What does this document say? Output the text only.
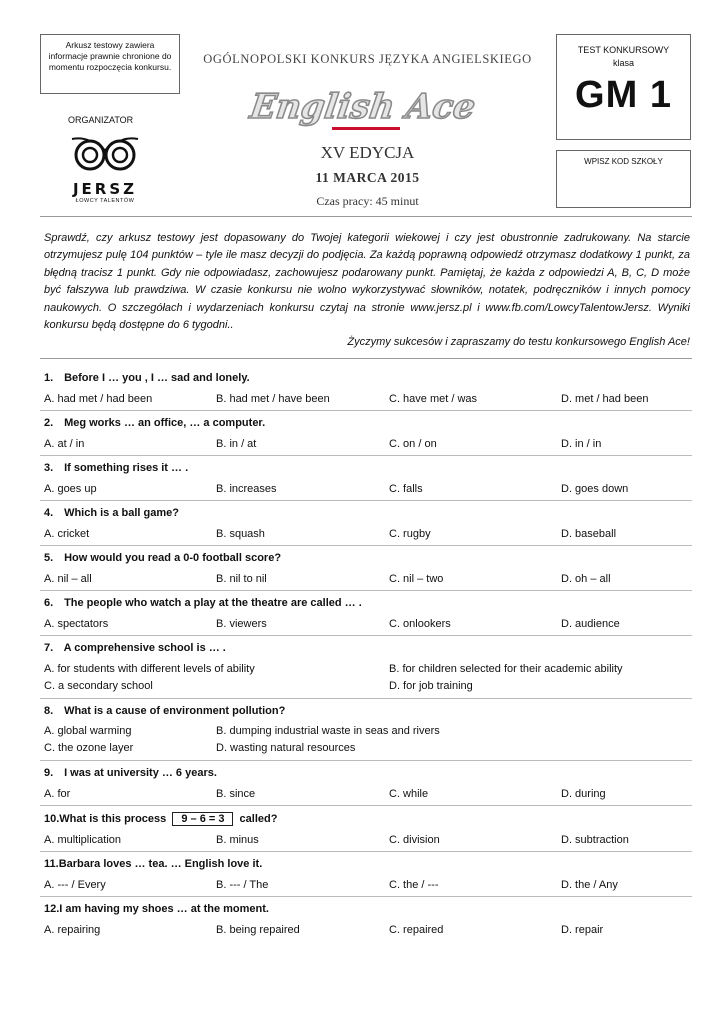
Arkusz testowy zawiera informacje prawnie chronione do momentu rozpoczęcia konkursu.
ORGANIZATOR
JERSZ
ŁOWCY TALENTÓW
OGÓLNOPOLSKI KONKURS JĘZYKA ANGIELSKIEGO
English Ace
XV EDYCJA
11 MARCA 2015
Czas pracy: 45 minut
TEST KONKURSOWY
klasa
GM 1
WPISZ KOD SZKOŁY
Sprawdź, czy arkusz testowy jest dopasowany do Twojej kategorii wiekowej i czy jest obustronnie zadrukowany. Na starcie otrzymujesz pulę 104 punktów – tyle ile masz decyzji do podjęcia. Za każdą poprawną odpowiedź otrzymasz dodatkowy 1 punkt, za błędną tracisz 1 punkt. Gdy nie odpowiadasz, zachowujesz podarowany punkt. Pamiętaj, że każda z odpowiedzi A, B, C, D może być fałszywa lub prawdziwa. W czasie konkursu nie wolno wykorzystywać słowników, notatek, podręczników i innych pomocy naukowych. O szczegółach i wydarzeniach konkursu czytaj na stronie www.jersz.pl i www.fb.com/LowcyTalentowJersz. Wyniki konkursu będą dostępne do 6 tygodni..
Życzymy sukcesów i zapraszamy do testu konkursowego English Ace!
1. Before I … you , I … sad and lonely.
A. had met / had been	B. had met / have been	C. have met / was	D. met / had been
2. Meg works … an office, … a computer.
A. at / in	B. in / at	C. on / on	D. in / in
3. If something rises it … .
A. goes up	B. increases	C. falls	D. goes down
4. Which is a ball game?
A. cricket	B. squash	C. rugby	D. baseball
5. How would you read a 0-0 football score?
A. nil – all	B. nil to nil	C. nil – two	D. oh – all
6. The people who watch a play at the theatre are called … .
A. spectators	B. viewers	C. onlookers	D. audience
7. A comprehensive school is … .
A. for students with different levels of ability	B. for children selected for their academic ability
C. a secondary school	D. for job training
8. What is a cause of environment pollution?
A. global warming	B. dumping industrial waste in seas and rivers
C. the ozone layer	D. wasting natural resources
9. I was at university … 6 years.
A. for	B. since	C. while	D. during
10.What is this process 9 – 6 = 3 called?
A. multiplication	B. minus	C. division	D. subtraction
11.Barbara loves … tea. … English love it.
A. --- / Every	B. --- / The	C. the / ---	D. the / Any
12.I am having my shoes … at the moment.
A. repairing	B. being repaired	C. repaired	D. repair
